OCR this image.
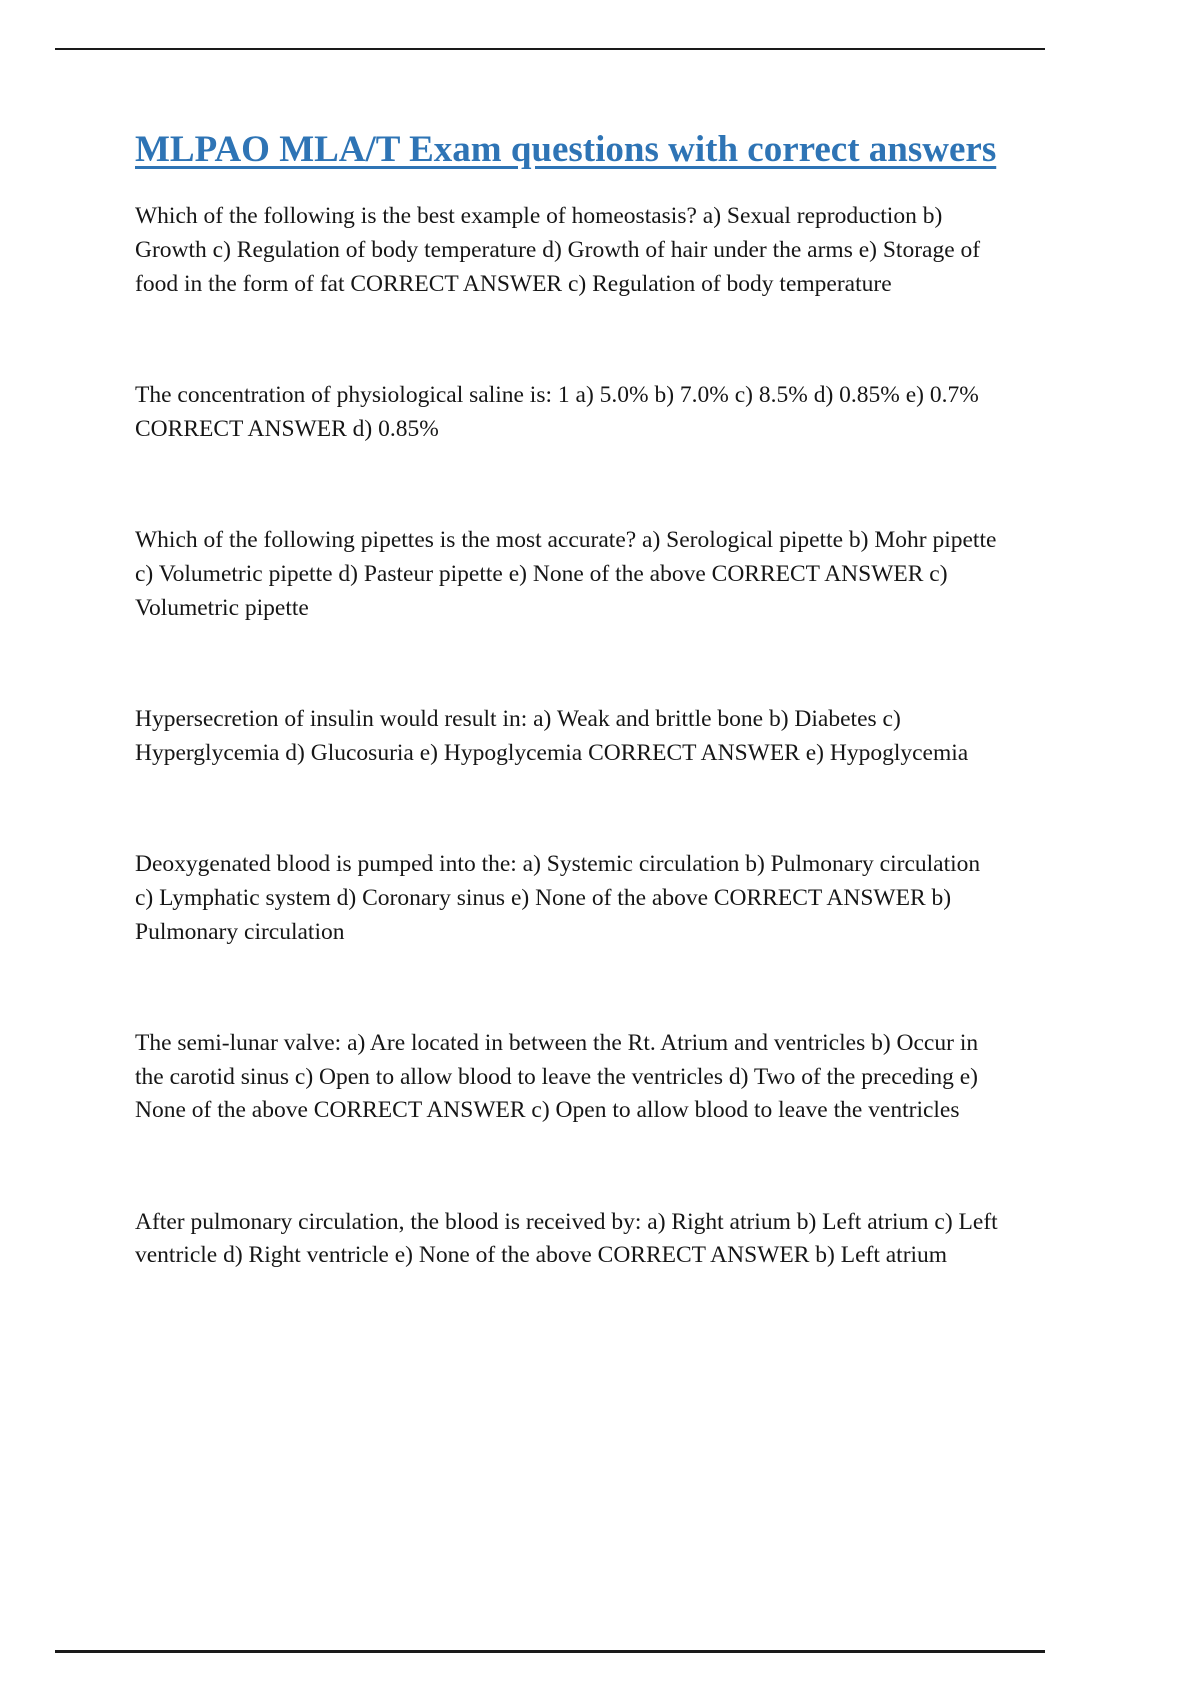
MLPAO MLA/T Exam questions with correct answers

Which of the following is the best example of homeostasis? a) Sexual reproduction b) Growth c) Regulation of body temperature d) Growth of hair under the arms e) Storage of food in the form of fat CORRECT ANSWER c) Regulation of body temperature

The concentration of physiological saline is: 1 a) 5.0% b) 7.0% c) 8.5% d) 0.85% e) 0.7% CORRECT ANSWER d) 0.85%

Which of the following pipettes is the most accurate? a) Serological pipette b) Mohr pipette c) Volumetric pipette d) Pasteur pipette e) None of the above CORRECT ANSWER c) Volumetric pipette

Hypersecretion of insulin would result in: a) Weak and brittle bone b) Diabetes c) Hyperglycemia d) Glucosuria e) Hypoglycemia CORRECT ANSWER e) Hypoglycemia

Deoxygenated blood is pumped into the: a) Systemic circulation b) Pulmonary circulation c) Lymphatic system d) Coronary sinus e) None of the above CORRECT ANSWER b) Pulmonary circulation

The semi-lunar valve: a) Are located in between the Rt. Atrium and ventricles b) Occur in the carotid sinus c) Open to allow blood to leave the ventricles d) Two of the preceding e) None of the above CORRECT ANSWER c) Open to allow blood to leave the ventricles

After pulmonary circulation, the blood is received by: a) Right atrium b) Left atrium c) Left ventricle d) Right ventricle e) None of the above CORRECT ANSWER b) Left atrium
